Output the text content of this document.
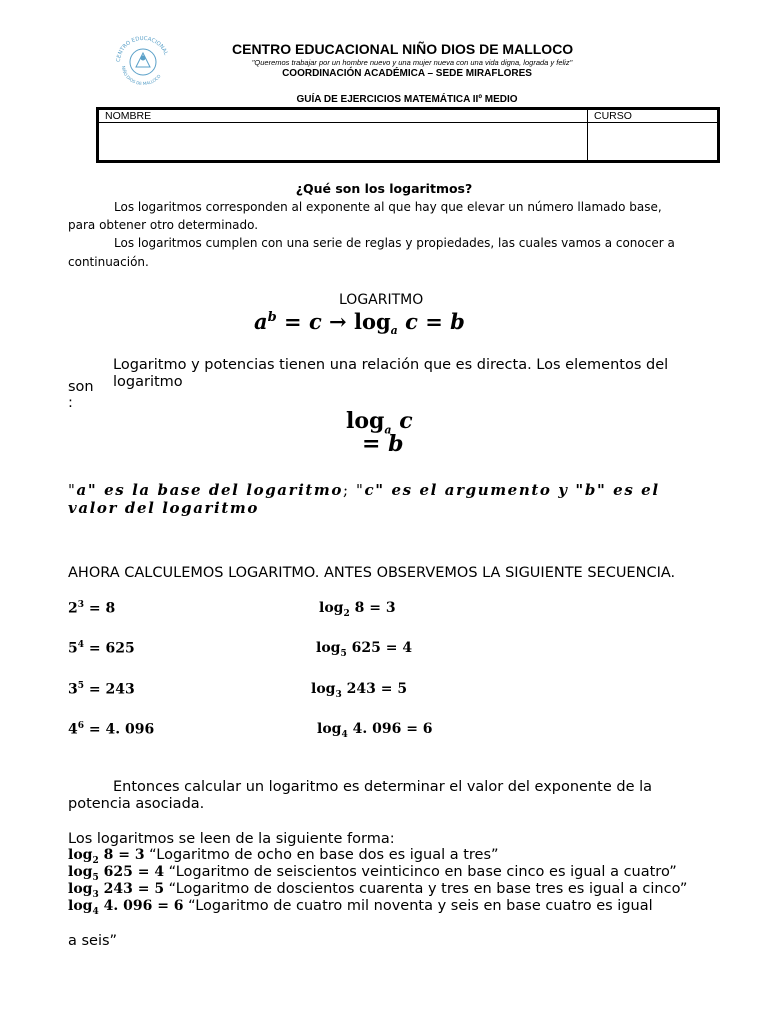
CENTRO EDUCACIONAL
NIÑO DIOS DE MALLOCO
CENTRO EDUCACIONAL NIÑO DIOS DE MALLOCO
"Queremos trabajar por un hombre nuevo y una mujer nueva con una vida digna, lograda y feliz"
COORDINACIÓN ACADÉMICA – SEDE MIRAFLORES
GUÍA DE EJERCICIOS MATEMÁTICA IIº MEDIO
NOMBRE	CURSO

¿Qué son los logaritmos?
Los logaritmos corresponden al exponente al que hay que elevar un número llamado base,
para obtener otro determinado.
Los logaritmos cumplen con una serie de reglas y propiedades, las cuales vamos a conocer a
continuación.
LOGARITMO
$a^b = c \to \log_a c = b$
Logaritmo y potencias tienen una relación que es directa. Los elementos del
logaritmo
son
:
$\log_a c$
= b
"a" es la base del logaritmo; "c" es el argumento y "b" es el
valor del logaritmo
AHORA CALCULEMOS LOGARITMO. ANTES OBSERVEMOS LA SIGUIENTE SECUENCIA.
$2^3 = 8$	$\log_2 8 = 3$
$5^4 = 625$	$\log_5 625 = 4$
$3^5 = 243$	$\log_3 243 = 5$
$4^6 = 4$. 096	$\log_4 4$. 096 = 6
Entonces calcular un logaritmo es determinar el valor del exponente de la
potencia asociada.
Los logaritmos se leen de la siguiente forma:
$\log_2 8 = 3$ “Logaritmo de ocho en base dos es igual a tres”
$\log_5 625 = 4$ “Logaritmo de seiscientos veinticinco en base cinco es igual a cuatro”
$\log_3 243 = 5$ “Logaritmo de doscientos cuarenta y tres en base tres es igual a cinco”
$\log_4 4$. 096 = 6 “Logaritmo de cuatro mil noventa y seis en base cuatro es igual
a seis”
